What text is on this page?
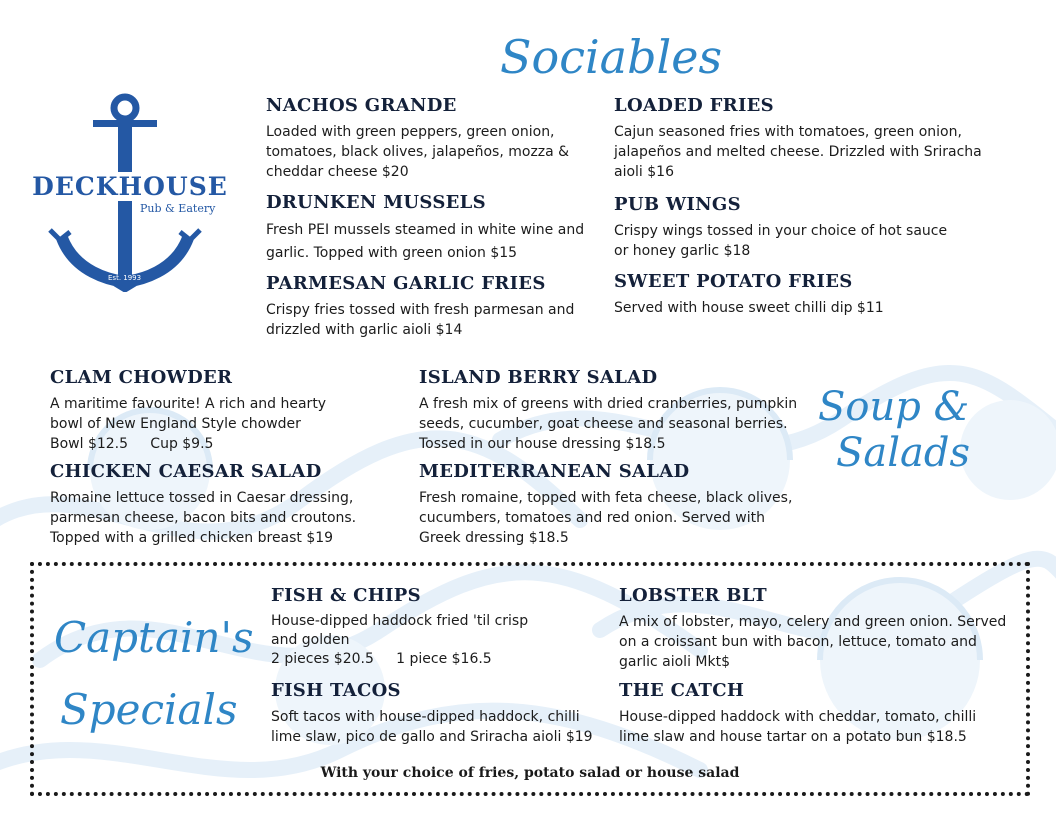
DECKHOUSE
Pub & Eatery
Est. 1993
Sociables
Soup &
Salads
Captain's
Specials
NACHOS GRANDE

Loaded with green peppers, green onion, tomatoes, black olives, jalapeños, mozza & cheddar cheese $20

DRUNKEN MUSSELS

Fresh PEI mussels steamed in white wine and garlic. Topped with green onion $15

PARMESAN GARLIC FRIES

Crispy fries tossed with fresh parmesan and drizzled with garlic aioli $14

LOADED FRIES

Cajun seasoned fries with tomatoes, green onion, jalapeños and melted cheese. Drizzled with Sriracha aioli $16

PUB WINGS

Crispy wings tossed in your choice of hot sauce or honey garlic $18

SWEET POTATO FRIES

Served with house sweet chilli dip $11

CLAM CHOWDER

A maritime favourite! A rich and hearty bowl of New England Style chowder

Bowl $12.5     Cup $9.5

CHICKEN CAESAR SALAD

Romaine lettuce tossed in Caesar dressing, parmesan cheese, bacon bits and croutons. Topped with a grilled chicken breast $19

ISLAND BERRY SALAD

A fresh mix of greens with dried cranberries, pumpkin seeds, cucumber, goat cheese and seasonal berries. Tossed in our house dressing $18.5

MEDITERRANEAN SALAD

Fresh romaine, topped with feta cheese, black olives, cucumbers, tomatoes and red onion. Served with Greek dressing $18.5

FISH & CHIPS

House-dipped haddock fried 'til crisp and golden

2 pieces $20.5     1 piece $16.5

FISH TACOS

Soft tacos with house-dipped haddock, chilli lime slaw, pico de gallo and Sriracha aioli $19

LOBSTER BLT

A mix of lobster, mayo, celery and green onion. Served on a croissant bun with bacon, lettuce, tomato and garlic aioli Mkt$

THE CATCH

House-dipped haddock with cheddar, tomato, chilli lime slaw and house tartar on a potato bun $18.5

With your choice of fries, potato salad or house salad
